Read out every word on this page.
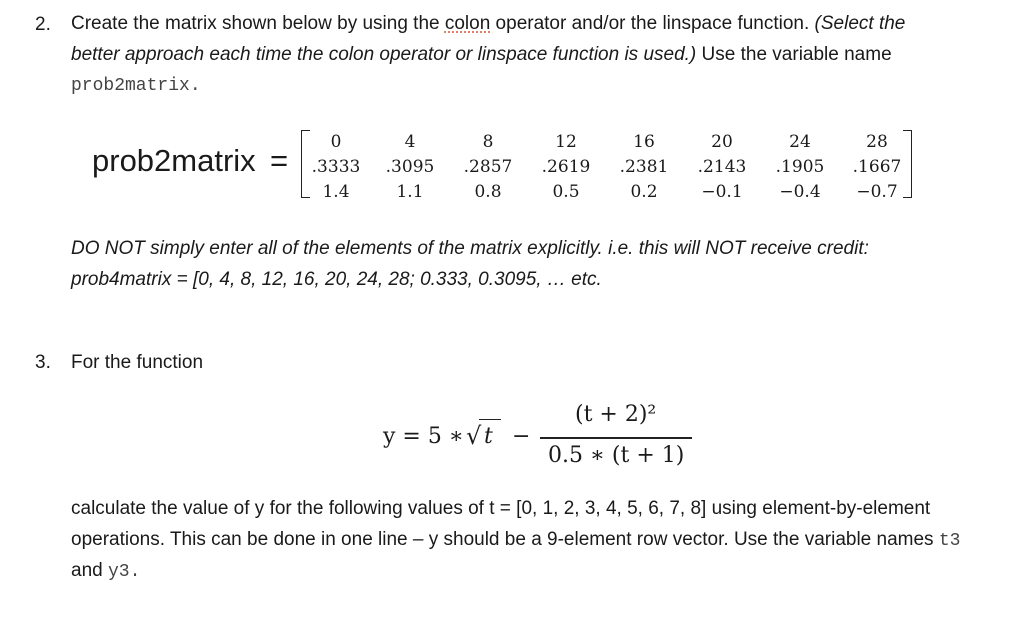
2. Create the matrix shown below by using the colon operator and/or the linspace function. (Select the
better approach each time the colon operator or linspace function is used.) Use the variable name
prob2matrix.
prob2matrix =
0	4	8	12	16	20	24	28
.3333	.3095	.2857	.2619	.2381	.2143	.1905	.1667
1.4	1.1	0.8	0.5	0.2	−0.1	−0.4	−0.7
DO NOT simply enter all of the elements of the matrix explicitly. i.e. this will NOT receive credit:
prob4matrix = [0, 4, 8, 12, 16, 20, 24, 28; 0.333, 0.3095, … etc.
3. For the function
y = 5 ∗ √ t −
(t + 2)²
0.5 ∗ (t + 1)
calculate the value of y for the following values of t = [0, 1, 2, 3, 4, 5, 6, 7, 8] using element-by-element
operations. This can be done in one line – y should be a 9-element row vector. Use the variable names t3
and y3.
